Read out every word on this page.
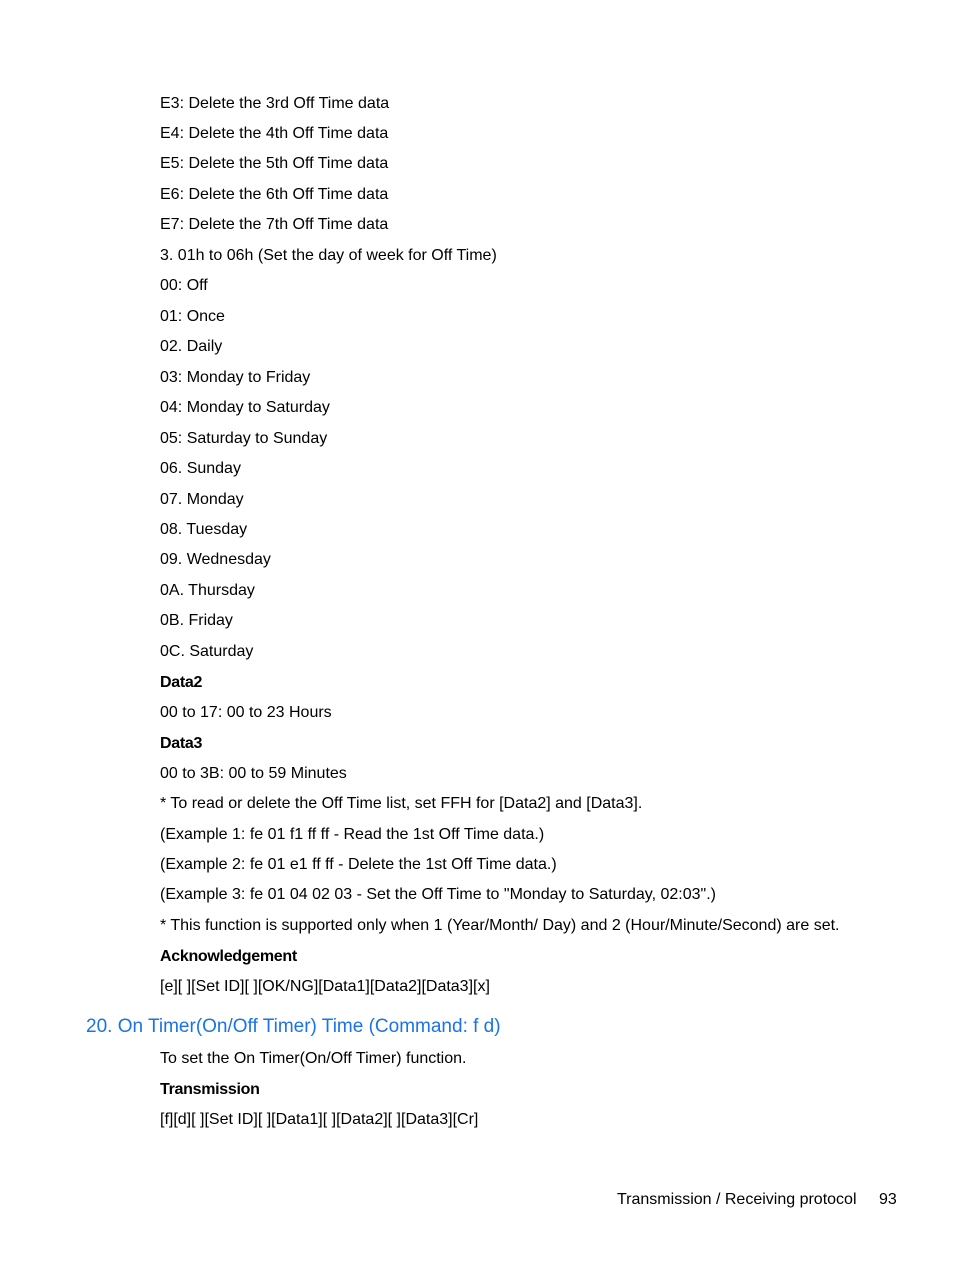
E3: Delete the 3rd Off Time data
E4: Delete the 4th Off Time data
E5: Delete the 5th Off Time data
E6: Delete the 6th Off Time data
E7: Delete the 7th Off Time data
3. 01h to 06h (Set the day of week for Off Time)
00: Off
01: Once
02. Daily
03: Monday to Friday
04: Monday to Saturday
05: Saturday to Sunday
06. Sunday
07. Monday
08. Tuesday
09. Wednesday
0A. Thursday
0B. Friday
0C. Saturday
Data2
00 to 17: 00 to 23 Hours
Data3
00 to 3B: 00 to 59 Minutes
* To read or delete the Off Time list, set FFH for [Data2] and [Data3].
(Example 1: fe 01 f1 ff ff - Read the 1st Off Time data.)
(Example 2: fe 01 e1 ff ff - Delete the 1st Off Time data.)
(Example 3: fe 01 04 02 03 - Set the Off Time to "Monday to Saturday, 02:03".)
* This function is supported only when 1 (Year/Month/ Day) and 2 (Hour/Minute/Second) are set.
Acknowledgement
[e][ ][Set ID][ ][OK/NG][Data1][Data2][Data3][x]
20. On Timer(On/Off Timer) Time (Command: f d)
To set the On Timer(On/Off Timer) function.
Transmission
[f][d][ ][Set ID][ ][Data1][ ][Data2][ ][Data3][Cr]
Transmission / Receiving protocol 93
